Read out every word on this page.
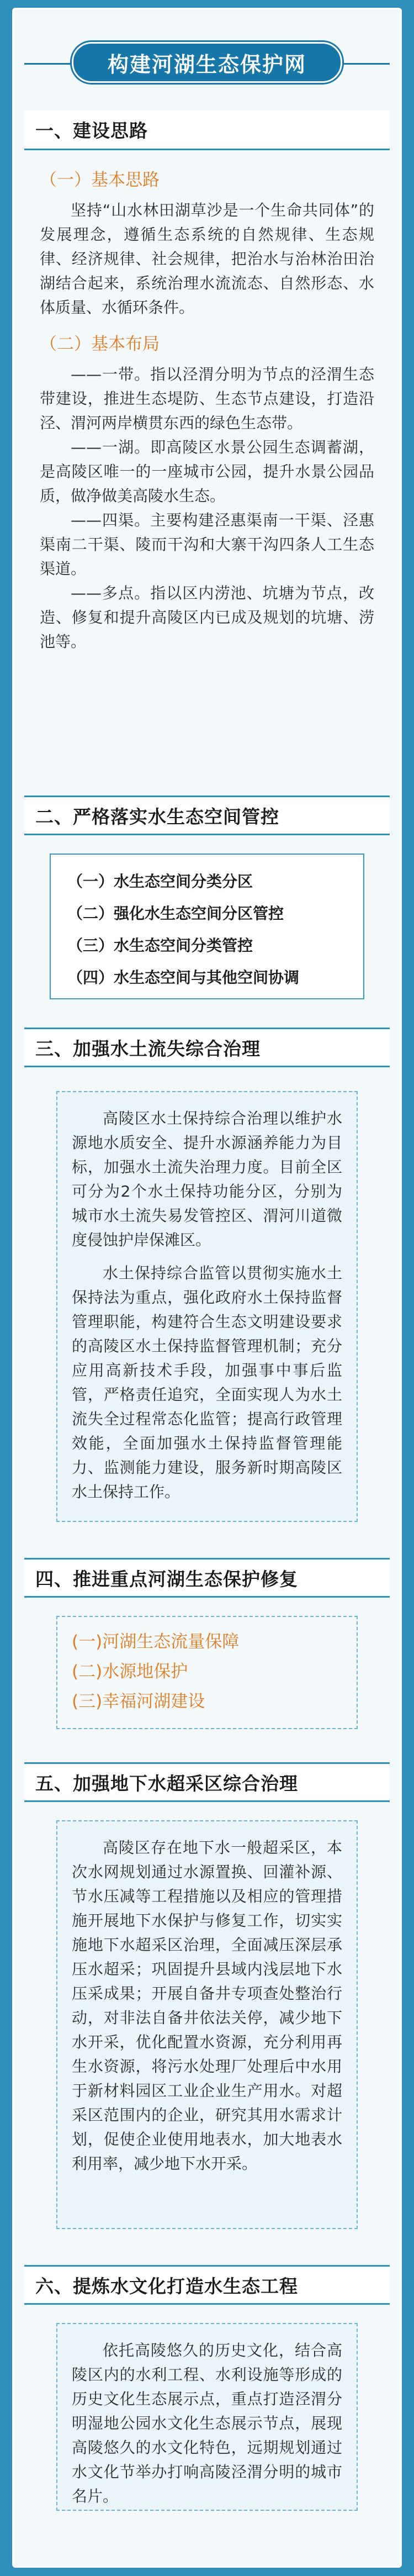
构建河湖生态保护网
一、建设思路
（一）基本思路

坚持“山水林田湖草沙是一个生命共同体”的发展理念，遵循生态系统的自然规律、生态规律、经济规律、社会规律，把治水与治林治田治湖结合起来，系统治理水流流态、自然形态、水体质量、水循环条件。

（二）基本布局

——一带。指以泾渭分明为节点的泾渭生态带建设，推进生态堤防、生态节点建设，打造沿泾、渭河两岸横贯东西的绿色生态带。

——一湖。即高陵区水景公园生态调蓄湖，是高陵区唯一的一座城市公园，提升水景公园品质，做净做美高陵水生态。

——四渠。主要构建泾惠渠南一干渠、泾惠渠南二干渠、陵而干沟和大寨干沟四条人工生态渠道。

——多点。指以区内涝池、坑塘为节点，改造、修复和提升高陵区内已成及规划的坑塘、涝池等。

二、严格落实水生态空间管控
（一）水生态空间分类分区
（二）强化水生态空间分区管控
（三）水生态空间分类管控
（四）水生态空间与其他空间协调
三、加强水土流失综合治理

高陵区水土保持综合治理以维护水源地水质安全、提升水源涵养能力为目标，加强水土流失治理力度。目前全区可分为2个水土保持功能分区，分别为城市水土流失易发管控区、渭河川道微度侵蚀护岸保滩区。

水土保持综合监管以贯彻实施水土保持法为重点，强化政府水土保持监督管理职能，构建符合生态文明建设要求的高陵区水土保持监督管理机制；充分应用高新技术手段，加强事中事后监管，严格责任追究，全面实现人为水土流失全过程常态化监管；提高行政管理效能，全面加强水土保持监督管理能力、监测能力建设，服务新时期高陵区水土保持工作。

四、推进重点河湖生态保护修复
(一)河湖生态流量保障
(二)水源地保护
(三)幸福河湖建设
五、加强地下水超采区综合治理

高陵区存在地下水一般超采区，本次水网规划通过水源置换、回灌补源、节水压减等工程措施以及相应的管理措施开展地下水保护与修复工作，切实实施地下水超采区治理，全面减压深层承压水超采；巩固提升县域内浅层地下水压采成果；开展自备井专项查处整治行动，对非法自备井依法关停，减少地下水开采，优化配置水资源，充分利用再生水资源，将污水处理厂处理后中水用于新材料园区工业企业生产用水。对超采区范围内的企业，研究其用水需求计划，促使企业使用地表水，加大地表水利用率，减少地下水开采。

六、提炼水文化打造水生态工程

依托高陵悠久的历史文化，结合高陵区内的水利工程、水利设施等形成的历史文化生态展示点，重点打造泾渭分明湿地公园水文化生态展示节点，展现高陵悠久的水文化特色，远期规划通过水文化节举办打响高陵泾渭分明的城市名片。
